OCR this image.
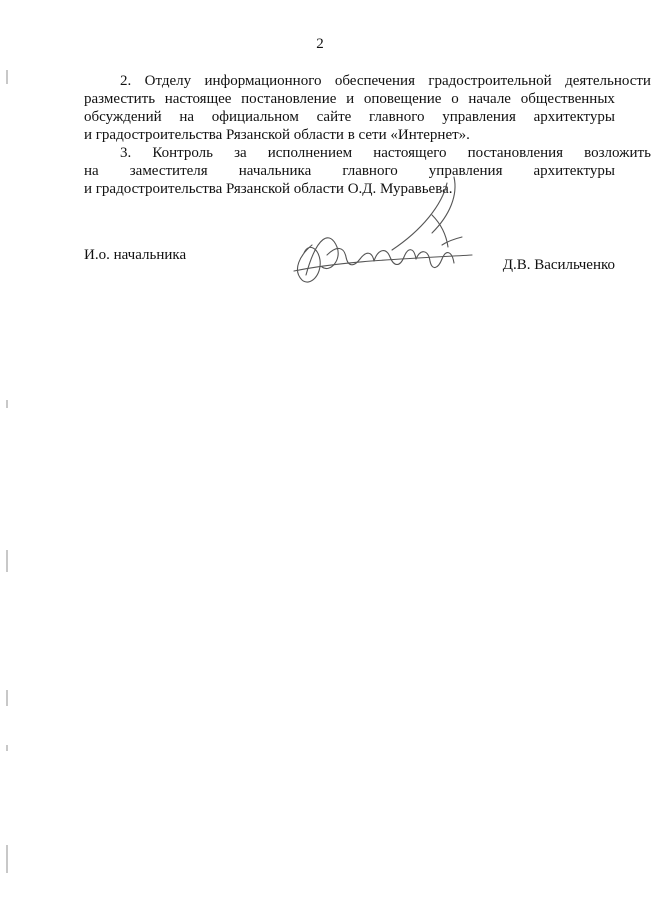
2
2. Отделу информационного обеспечения градостроительной деятельности
разместить настоящее постановление и оповещение о начале общественных
обсуждений на официальном сайте главного управления архитектуры
и градостроительства Рязанской области в сети «Интернет».
3. Контроль за исполнением настоящего постановления возложить
на заместителя начальника главного управления архитектуры
и градостроительства Рязанской области О.Д. Муравьева.
И.о. начальника
Д.В. Васильченко
